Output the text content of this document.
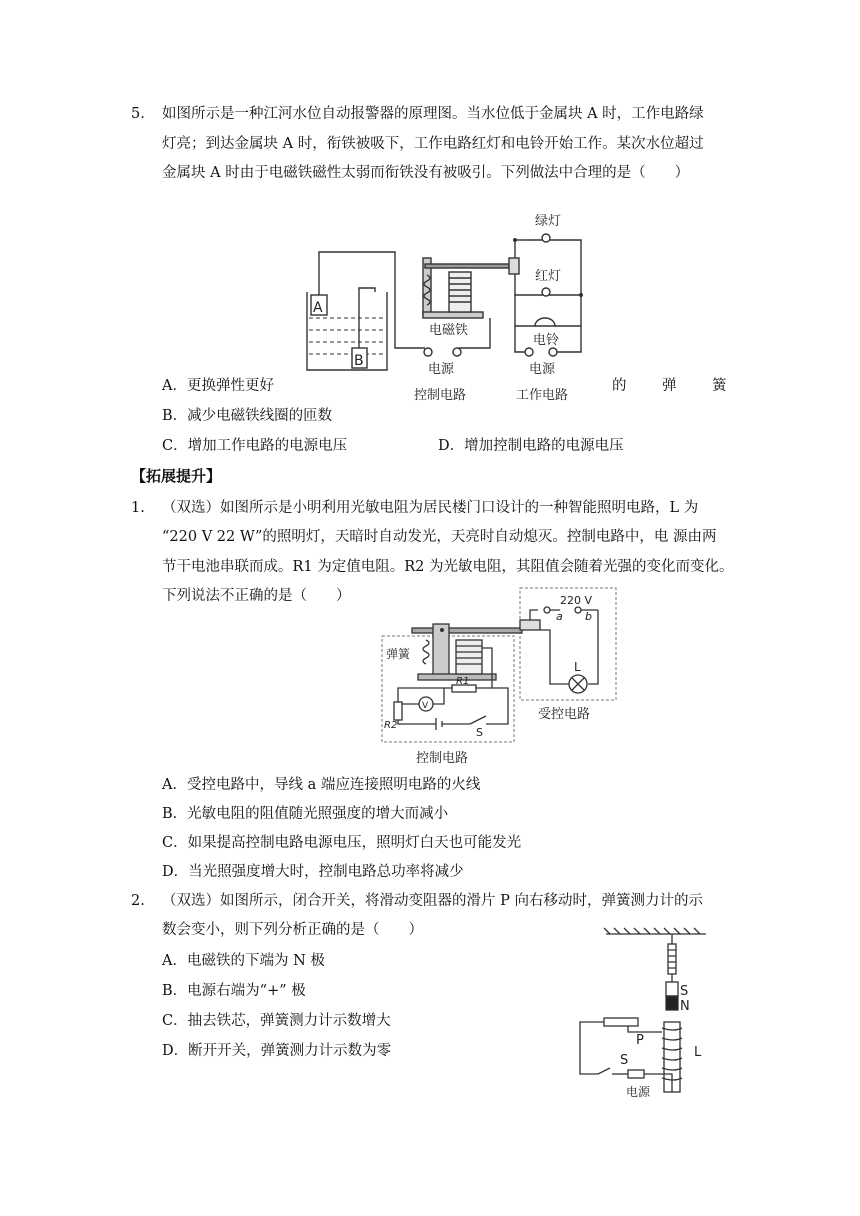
5. 如图所示是一种江河水位自动报警器的原理图。当水位低于金属块 A 时，工作电路绿
灯亮；到达金属块 A 时，衔铁被吸下，工作电路红灯和电铃开始工作。某次水位超过
金属块 A 时由于电磁铁磁性太弱而衔铁没有被吸引。下列做法中合理的是（　　）
A
B
绿灯
红灯
电磁铁
电铃
电源	电源
控制电路	工作电路
A．更换弹性更好	的 弹 簧
B．减少电磁铁线圈的匝数
C．增加工作电路的电源电压	D．增加控制电路的电源电压
【拓展提升】
1. （双选）如图所示是小明利用光敏电阻为居民楼门口设计的一种智能照明电路，L 为
“220 V 22 W”的照明灯，天暗时自动发光，天亮时自动熄灭。控制电路中，电 源由两
节干电池串联而成。R1 为定值电阻。R2 为光敏电阻，其阻值会随着光强的变化而变化。
下列说法不正确的是（　　）
弹簧
220 V
a b
L
R1
R2
V
S
受控电路
控制电路
A．受控电路中，导线 a 端应连接照明电路的火线
B．光敏电阻的阻值随光照强度的增大而减小
C．如果提高控制电路电源电压，照明灯白天也可能发光
D．当光照强度增大时，控制电路总功率将减少
2. （双选）如图所示，闭合开关，将滑动变阻器的滑片 P 向右移动时，弹簧测力计的示
数会变小，则下列分析正确的是（　　）
A．电磁铁的下端为 N 极
B．电源右端为“+” 极
C．抽去铁芯，弹簧测力计示数增大
D．断开开关，弹簧测力计示数为零
S
N
P
L
S
电源
